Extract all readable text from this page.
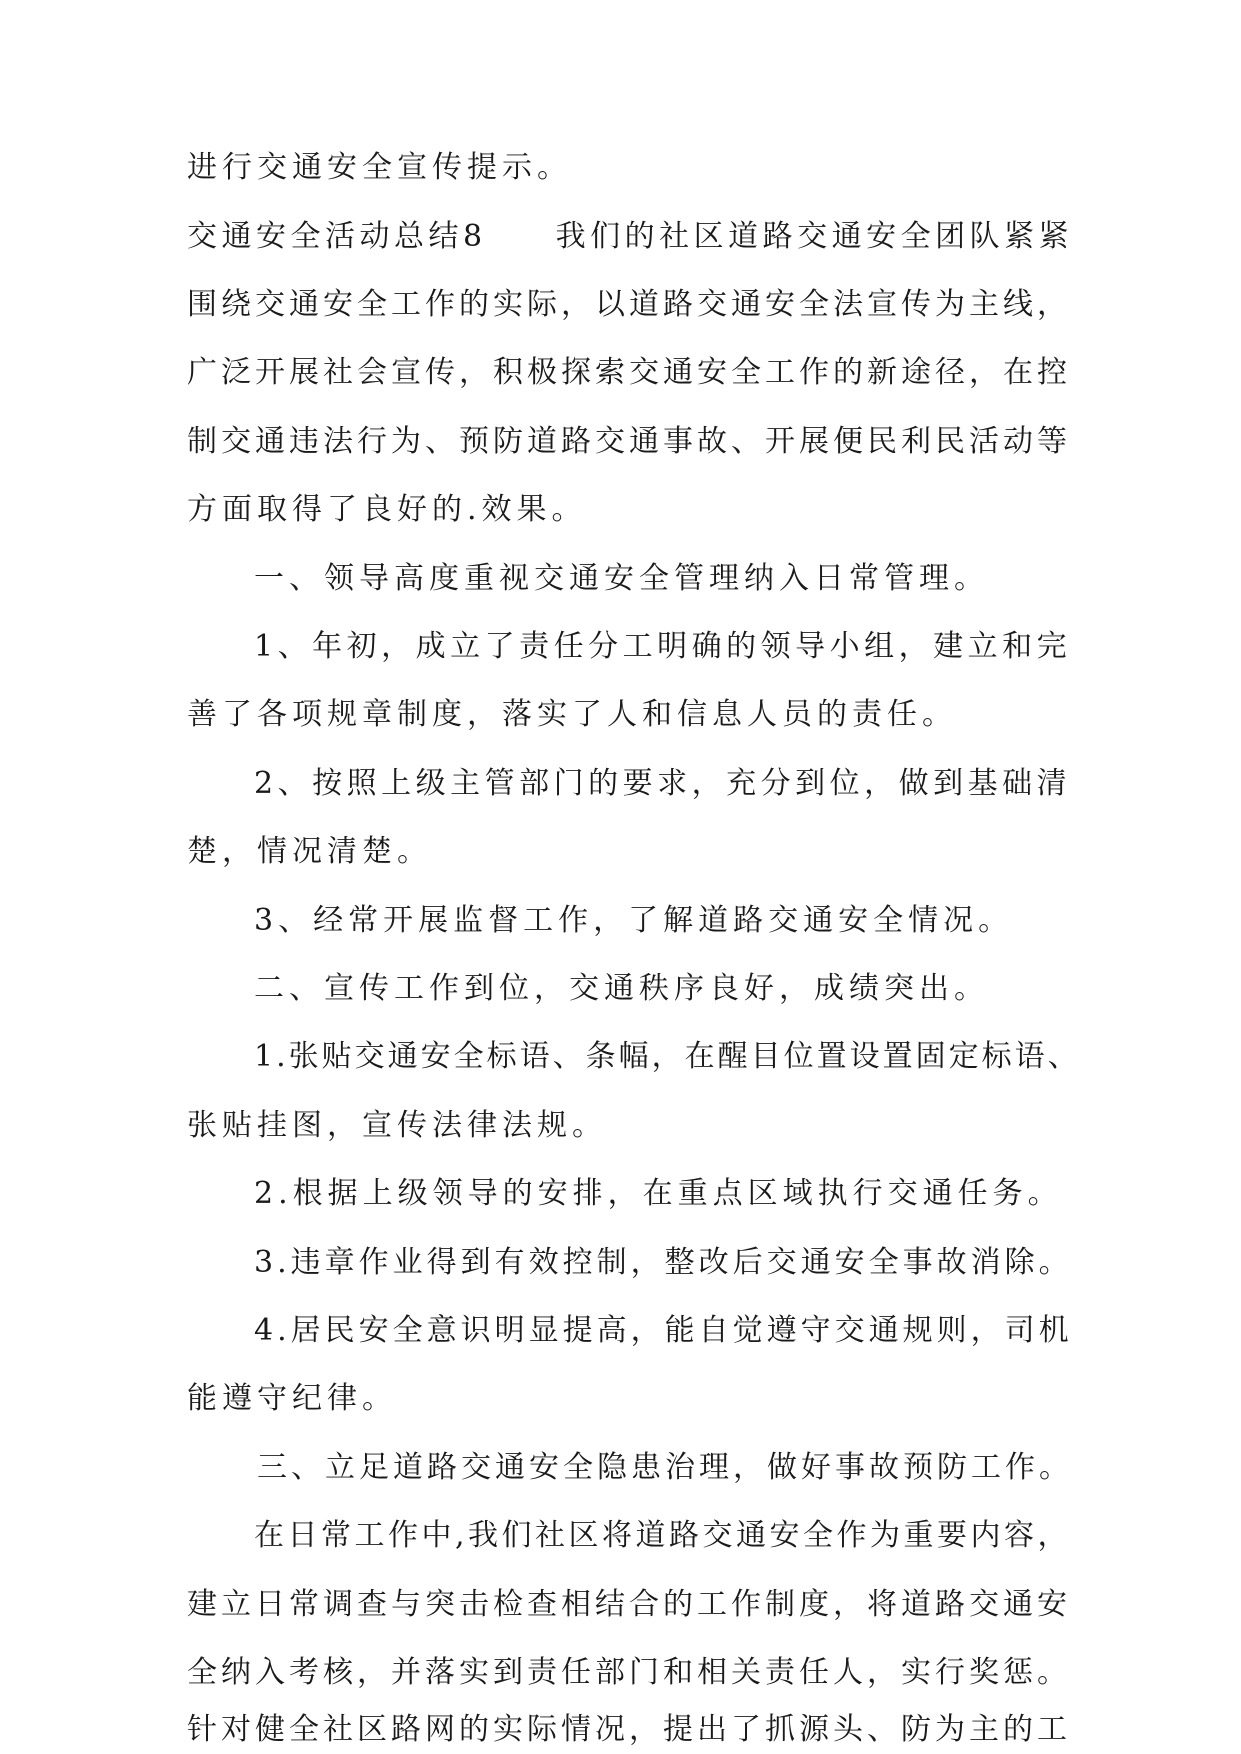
进行交通安全宣传提示。
交通安全活动总结8　　我们的社区道路交通安全团队紧紧
围绕交通安全工作的实际，以道路交通安全法宣传为主线，
广泛开展社会宣传，积极探索交通安全工作的新途径，在控
制交通违法行为、预防道路交通事故、开展便民利民活动等
方面取得了良好的.效果。
一、领导高度重视交通安全管理纳入日常管理。
1、年初，成立了责任分工明确的领导小组，建立和完
善了各项规章制度，落实了人和信息人员的责任。
2、按照上级主管部门的要求，充分到位，做到基础清
楚，情况清楚。
3、经常开展监督工作，了解道路交通安全情况。
二、宣传工作到位，交通秩序良好，成绩突出。
1.张贴交通安全标语、条幅，在醒目位置设置固定标语、
张贴挂图，宣传法律法规。
2.根据上级领导的安排，在重点区域执行交通任务。
3.违章作业得到有效控制，整改后交通安全事故消除。
4.居民安全意识明显提高，能自觉遵守交通规则，司机
能遵守纪律。
三、立足道路交通安全隐患治理，做好事故预防工作。
在日常工作中,我们社区将道路交通安全作为重要内容，
建立日常调查与突击检查相结合的工作制度，将道路交通安
全纳入考核，并落实到责任部门和相关责任人，实行奖惩。
针对健全社区路网的实际情况，提出了抓源头、防为主的工
